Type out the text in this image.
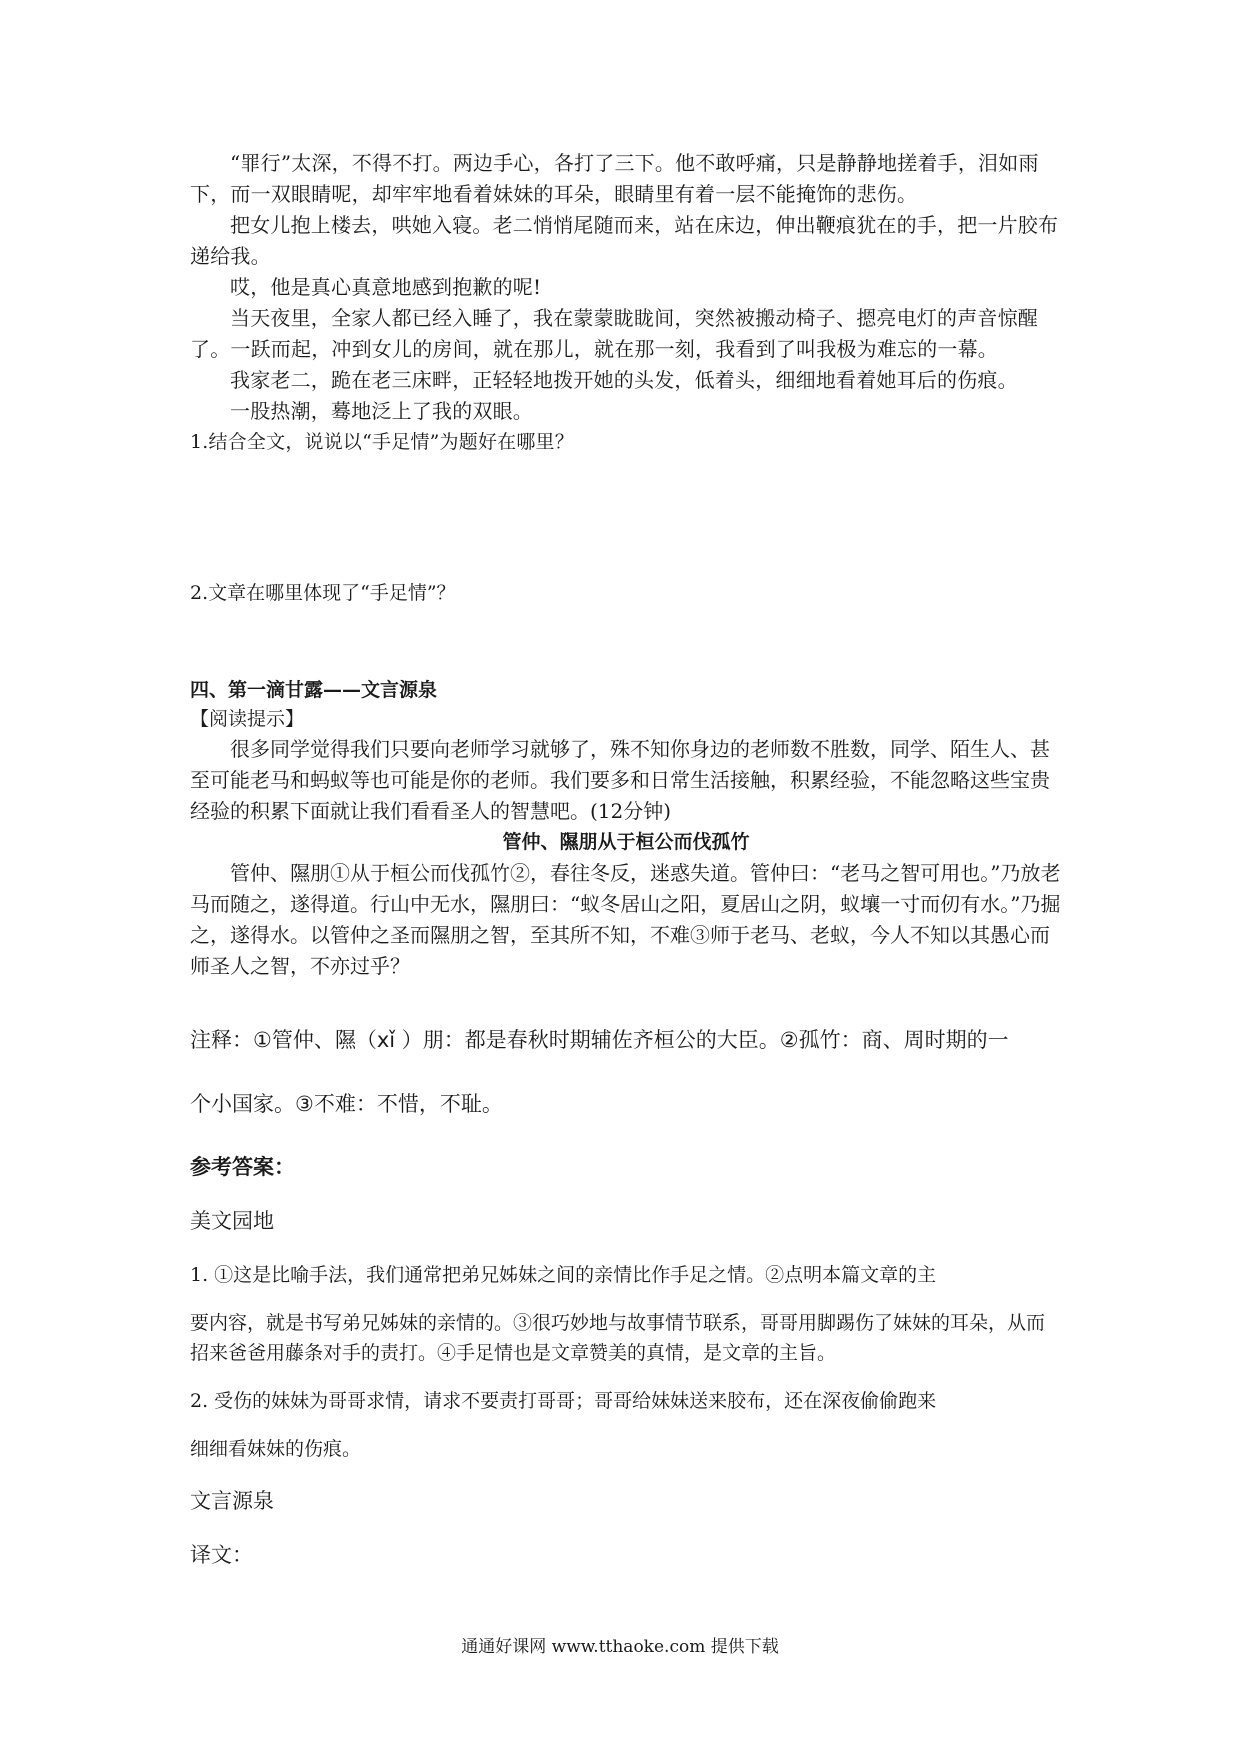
“罪行”太深，不得不打。两边手心，各打了三下。他不敢呼痛，只是静静地搓着手，泪如雨下，而一双眼睛呢，却牢牢地看着妹妹的耳朵，眼睛里有着一层不能掩饰的悲伤。

把女儿抱上楼去，哄她入寝。老二悄悄尾随而来，站在床边，伸出鞭痕犹在的手，把一片胶布递给我。

哎，他是真心真意地感到抱歉的呢!

当天夜里，全家人都已经入睡了，我在蒙蒙眬眬间，突然被搬动椅子、摁亮电灯的声音惊醒了。一跃而起，冲到女儿的房间，就在那儿，就在那一刻，我看到了叫我极为难忘的一幕。

我家老二，跪在老三床畔，正轻轻地拨开她的头发，低着头，细细地看着她耳后的伤痕。

一股热潮，蓦地泛上了我的双眼。

1.结合全文，说说以“手足情”为题好在哪里？

2.文章在哪里体现了“手足情”？

四、第一滴甘露——文言源泉
【阅读提示】

很多同学觉得我们只要向老师学习就够了，殊不知你身边的老师数不胜数，同学、陌生人、甚至可能老马和蚂蚁等也可能是你的老师。我们要多和日常生活接触，积累经验，不能忽略这些宝贵经验的积累下面就让我们看看圣人的智慧吧。(12分钟)

管仲、隰朋从于桓公而伐孤竹

管仲、隰朋①从于桓公而伐孤竹②，春往冬反，迷惑失道。管仲曰：“老马之智可用也。”乃放老马而随之，遂得道。行山中无水，隰朋曰：“蚁冬居山之阳，夏居山之阴，蚁壤一寸而仞有水。”乃掘之，遂得水。以管仲之圣而隰朋之智，至其所不知，不难③师于老马、老蚁，今人不知以其愚心而师圣人之智，不亦过乎？

注释：①管仲、隰（xǐ ）朋：都是春秋时期辅佐齐桓公的大臣。②孤竹：商、周时期的一

个小国家。③不难：不惜，不耻。

参考答案：
美文园地

1. ①这是比喻手法，我们通常把弟兄姊妹之间的亲情比作手足之情。②点明本篇文章的主

要内容，就是书写弟兄姊妹的亲情的。③很巧妙地与故事情节联系，哥哥用脚踢伤了妹妹的耳朵，从而招来爸爸用藤条对手的责打。④手足情也是文章赞美的真情，是文章的主旨。

2. 受伤的妹妹为哥哥求情，请求不要责打哥哥；哥哥给妹妹送来胶布，还在深夜偷偷跑来

细细看妹妹的伤痕。

文言源泉
译文：
通通好课网 www.tthaoke.com 提供下载
